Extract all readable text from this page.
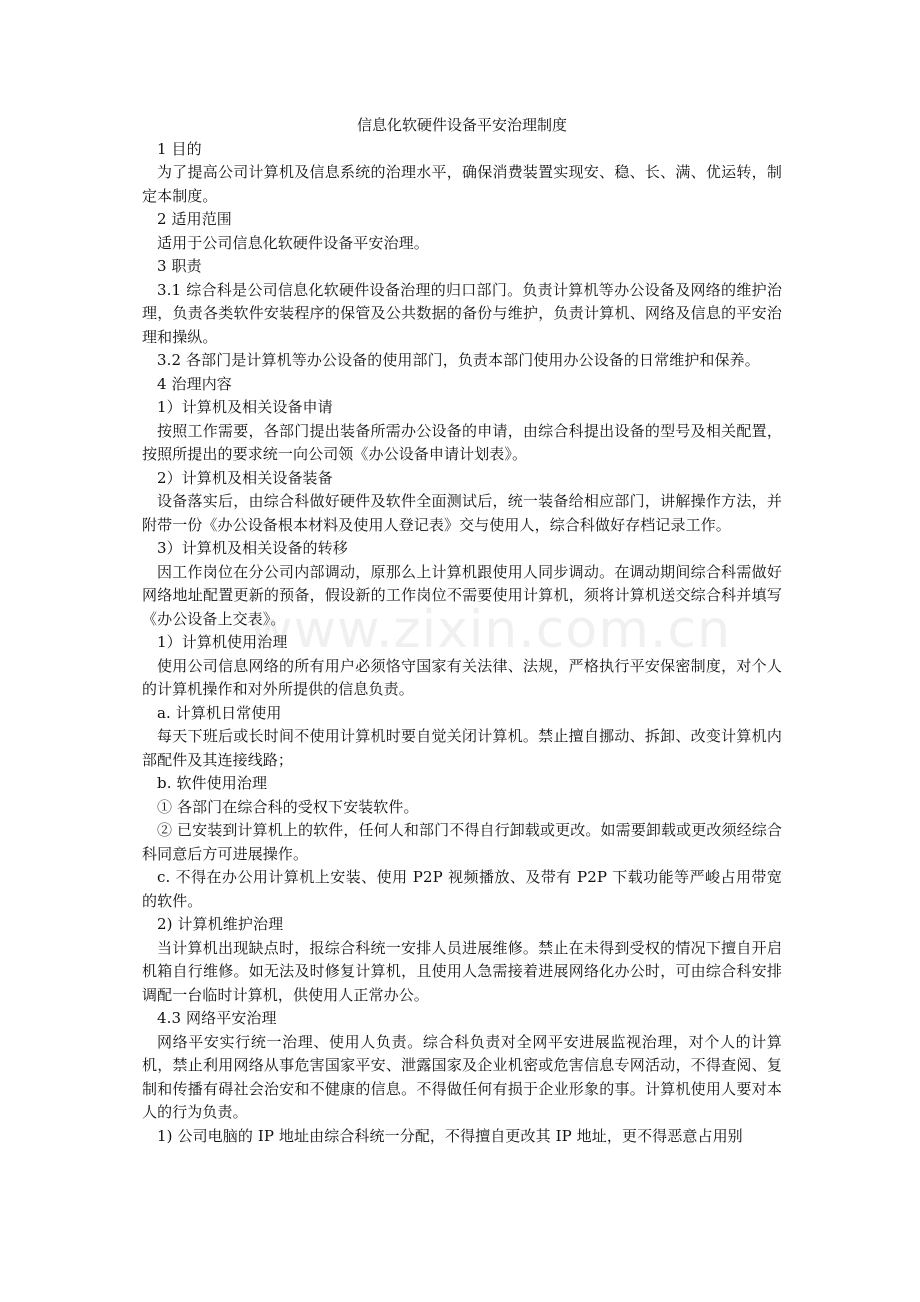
信息化软硬件设备平安治理制度

1 目的

为了提高公司计算机及信息系统的治理水平，确保消费装置实现安、稳、长、满、优运转，制定本制度。

2 适用范围

适用于公司信息化软硬件设备平安治理。

3 职责

3.1 综合科是公司信息化软硬件设备治理的归口部门。负责计算机等办公设备及网络的维护治理，负责各类软件安装程序的保管及公共数据的备份与维护，负责计算机、网络及信息的平安治理和操纵。

3.2 各部门是计算机等办公设备的使用部门，负责本部门使用办公设备的日常维护和保养。

4 治理内容

1）计算机及相关设备申请

按照工作需要，各部门提出装备所需办公设备的申请，由综合科提出设备的型号及相关配置，按照所提出的要求统一向公司领《办公设备申请计划表》。

2）计算机及相关设备装备

设备落实后，由综合科做好硬件及软件全面测试后，统一装备给相应部门，讲解操作方法，并附带一份《办公设备根本材料及使用人登记表》交与使用人，综合科做好存档记录工作。

3）计算机及相关设备的转移

因工作岗位在分公司内部调动，原那么上计算机跟使用人同步调动。在调动期间综合科需做好网络地址配置更新的预备，假设新的工作岗位不需要使用计算机，须将计算机送交综合科并填写《办公设备上交表》。

1）计算机使用治理

使用公司信息网络的所有用户必须恪守国家有关法律、法规，严格执行平安保密制度，对个人的计算机操作和对外所提供的信息负责。

a. 计算机日常使用

每天下班后或长时间不使用计算机时要自觉关闭计算机。禁止擅自挪动、拆卸、改变计算机内部配件及其连接线路；

b. 软件使用治理

① 各部门在综合科的受权下安装软件。

② 已安装到计算机上的软件，任何人和部门不得自行卸载或更改。如需要卸载或更改须经综合科同意后方可进展操作。

c. 不得在办公用计算机上安装、使用 P2P 视频播放、及带有 P2P 下载功能等严峻占用带宽的软件。

2) 计算机维护治理

当计算机出现缺点时，报综合科统一安排人员进展维修。禁止在未得到受权的情况下擅自开启机箱自行维修。如无法及时修复计算机，且使用人急需接着进展网络化办公时，可由综合科安排调配一台临时计算机，供使用人正常办公。

4.3 网络平安治理

网络平安实行统一治理、使用人负责。综合科负责对全网平安进展监视治理，对个人的计算机，禁止利用网络从事危害国家平安、泄露国家及企业机密或危害信息专网活动，不得查阅、复制和传播有碍社会治安和不健康的信息。不得做任何有损于企业形象的事。计算机使用人要对本人的行为负责。

1) 公司电脑的 IP 地址由综合科统一分配，不得擅自更改其 IP 地址，更不得恶意占用别

www.zixin.com.cn
